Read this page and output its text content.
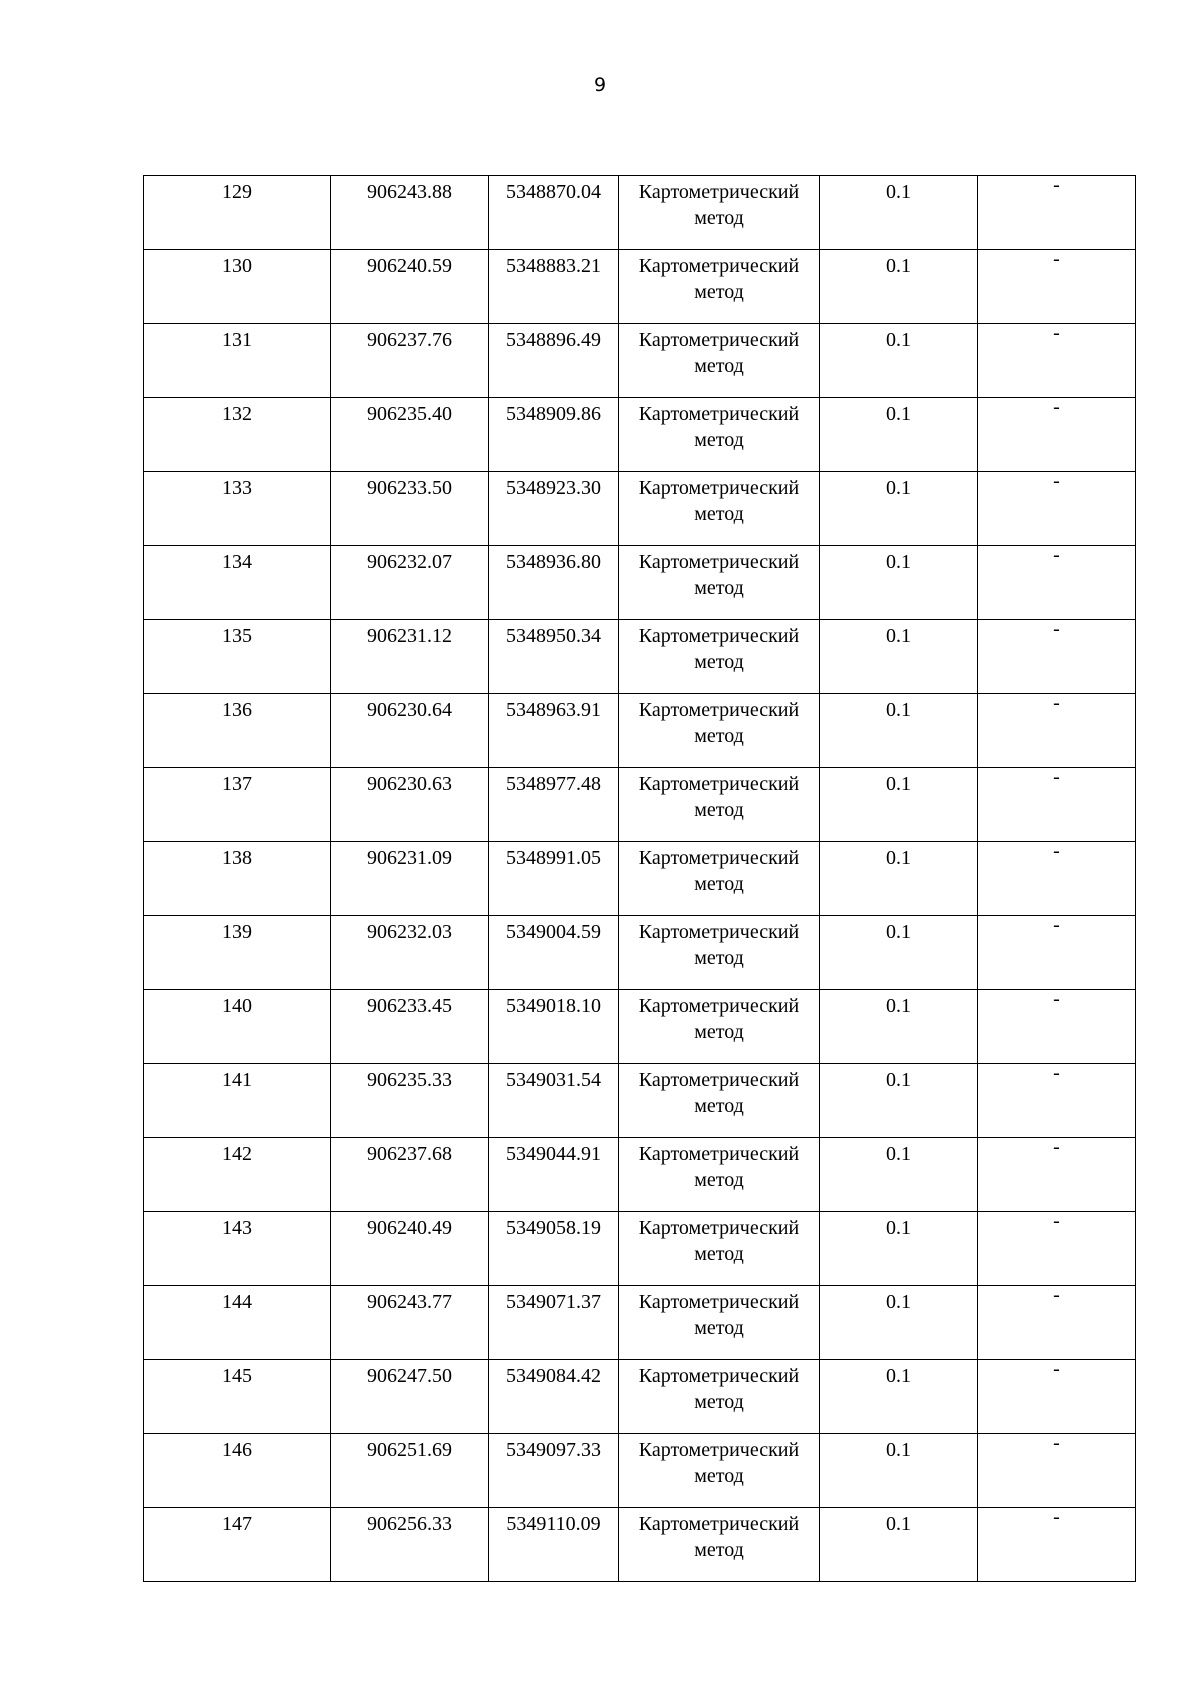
9
129	906243.88	5348870.04	Картометрический метод	0.1	-

130	906240.59	5348883.21	Картометрический метод	0.1	-

131	906237.76	5348896.49	Картометрический метод	0.1	-

132	906235.40	5348909.86	Картометрический метод	0.1	-

133	906233.50	5348923.30	Картометрический метод	0.1	-

134	906232.07	5348936.80	Картометрический метод	0.1	-

135	906231.12	5348950.34	Картометрический метод	0.1	-

136	906230.64	5348963.91	Картометрический метод	0.1	-

137	906230.63	5348977.48	Картометрический метод	0.1	-

138	906231.09	5348991.05	Картометрический метод	0.1	-

139	906232.03	5349004.59	Картометрический метод	0.1	-

140	906233.45	5349018.10	Картометрический метод	0.1	-

141	906235.33	5349031.54	Картометрический метод	0.1	-

142	906237.68	5349044.91	Картометрический метод	0.1	-

143	906240.49	5349058.19	Картометрический метод	0.1	-

144	906243.77	5349071.37	Картометрический метод	0.1	-

145	906247.50	5349084.42	Картометрический метод	0.1	-

146	906251.69	5349097.33	Картометрический метод	0.1	-

147	906256.33	5349110.09	Картометрический метод	0.1	-
